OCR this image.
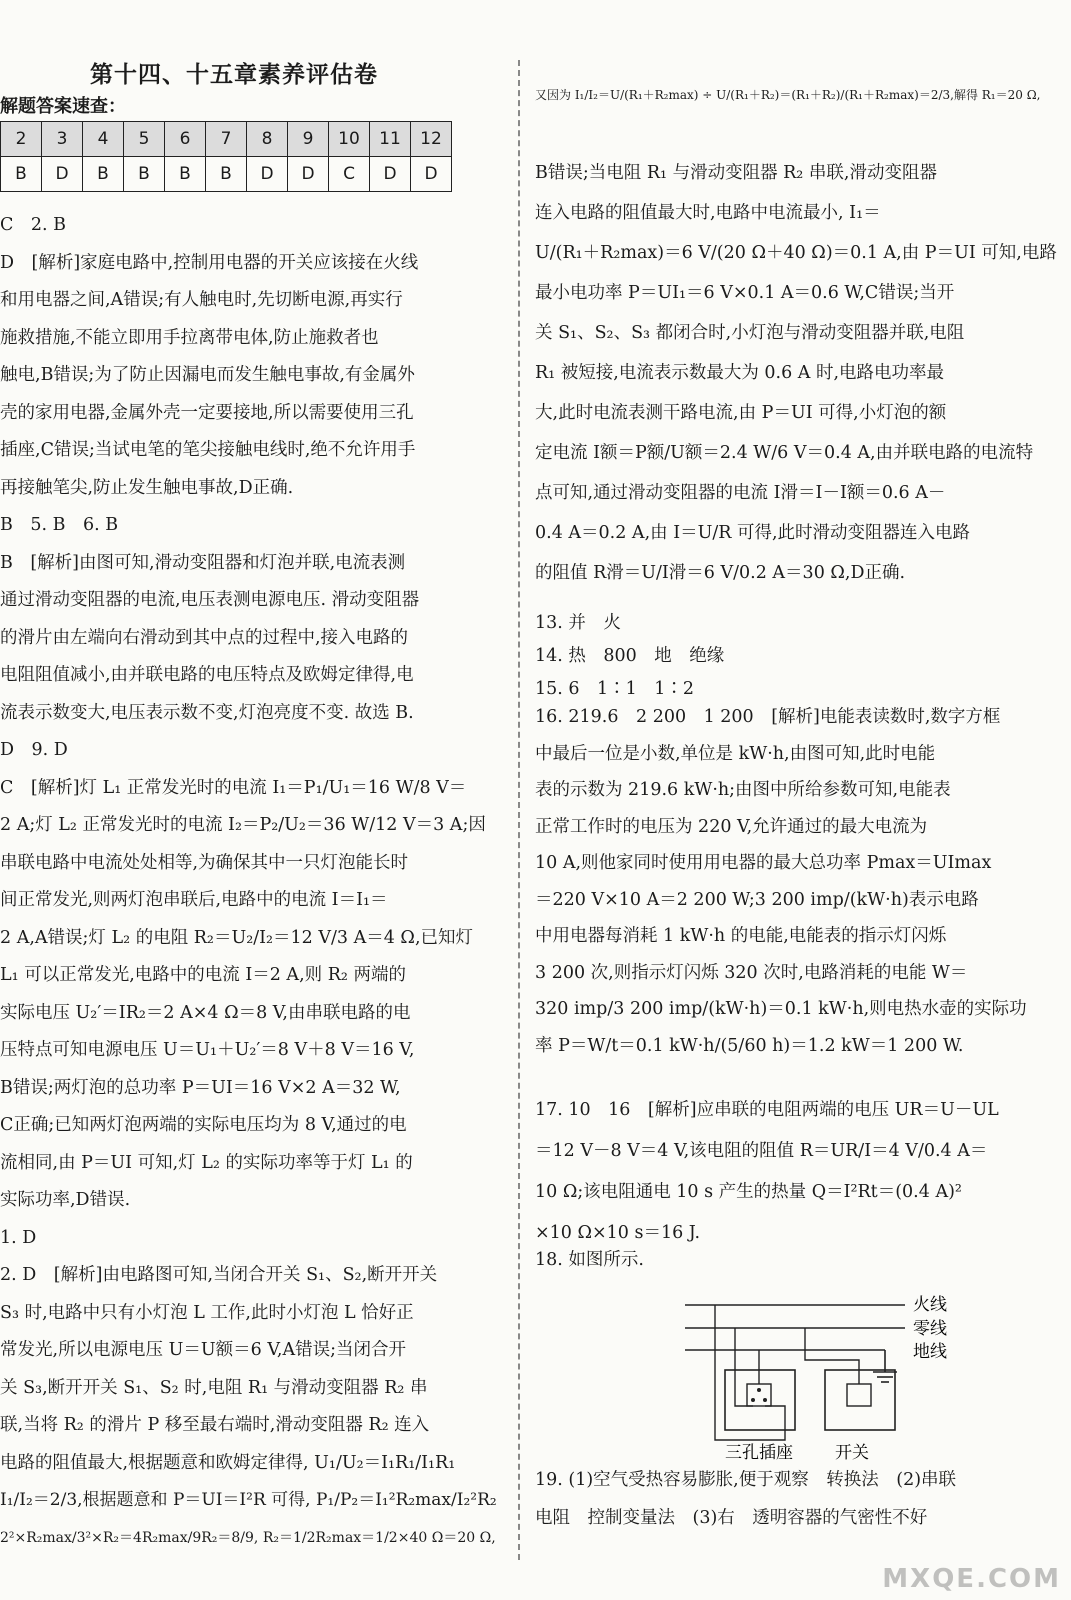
第十四、十五章素养评估卷
解题答案速查：
2	3	4	5	6	7	8	9	10	11	12
B	D	B	B	B	B	D	D	C	D	D
C　2. B
D　[解析]家庭电路中,控制用电器的开关应该接在火线
和用电器之间,A错误;有人触电时,先切断电源,再实行
施救措施,不能立即用手拉离带电体,防止施救者也
触电,B错误;为了防止因漏电而发生触电事故,有金属外
壳的家用电器,金属外壳一定要接地,所以需要使用三孔
插座,C错误;当试电笔的笔尖接触电线时,绝不允许用手
再接触笔尖,防止发生触电事故,D正确.
B　5. B　6. B
B　[解析]由图可知,滑动变阻器和灯泡并联,电流表测
通过滑动变阻器的电流,电压表测电源电压. 滑动变阻器
的滑片由左端向右滑动到其中点的过程中,接入电路的
电阻阻值减小,由并联电路的电压特点及欧姆定律得,电
流表示数变大,电压表示数不变,灯泡亮度不变. 故选 B.
D　9. D
C　[解析]灯 L₁ 正常发光时的电流 I₁＝P₁/U₁＝16 W/8 V＝
2 A;灯 L₂ 正常发光时的电流 I₂＝P₂/U₂＝36 W/12 V＝3 A;因
串联电路中电流处处相等,为确保其中一只灯泡能长时
间正常发光,则两灯泡串联后,电路中的电流 I＝I₁＝
2 A,A错误;灯 L₂ 的电阻 R₂＝U₂/I₂＝12 V/3 A＝4 Ω,已知灯
L₁ 可以正常发光,电路中的电流 I＝2 A,则 R₂ 两端的
实际电压 U₂′＝IR₂＝2 A×4 Ω＝8 V,由串联电路的电
压特点可知电源电压 U＝U₁＋U₂′＝8 V＋8 V＝16 V,
B错误;两灯泡的总功率 P＝UI＝16 V×2 A＝32 W,
C正确;已知两灯泡两端的实际电压均为 8 V,通过的电
流相同,由 P＝UI 可知,灯 L₂ 的实际功率等于灯 L₁ 的
实际功率,D错误.
1. D
2. D　[解析]由电路图可知,当闭合开关 S₁、S₂,断开开关
S₃ 时,电路中只有小灯泡 L 工作,此时小灯泡 L 恰好正
常发光,所以电源电压 U＝U额＝6 V,A错误;当闭合开
关 S₃,断开开关 S₁、S₂ 时,电阻 R₁ 与滑动变阻器 R₂ 串
联,当将 R₂ 的滑片 P 移至最右端时,滑动变阻器 R₂ 连入
电路的阻值最大,根据题意和欧姆定律得, U₁/U₂＝I₁R₁/I₁R₁
I₁/I₂＝2/3,根据题意和 P＝UI＝I²R 可得, P₁/P₂＝I₁²R₂max/I₂²R₂
2²×R₂max/3²×R₂＝4R₂max/9R₂＝8/9, R₂＝1/2R₂max＝1/2×40 Ω＝20 Ω,
又因为 I₁/I₂＝U/(R₁＋R₂max) ÷ U/(R₁＋R₂)＝(R₁＋R₂)/(R₁＋R₂max)＝2/3,解得 R₁＝20 Ω,
B错误;当电阻 R₁ 与滑动变阻器 R₂ 串联,滑动变阻器
连入电路的阻值最大时,电路中电流最小, I₁＝
U/(R₁＋R₂max)＝6 V/(20 Ω＋40 Ω)＝0.1 A,由 P＝UI 可知,电路
最小电功率 P＝UI₁＝6 V×0.1 A＝0.6 W,C错误;当开
关 S₁、S₂、S₃ 都闭合时,小灯泡与滑动变阻器并联,电阻
R₁ 被短接,电流表示数最大为 0.6 A 时,电路电功率最
大,此时电流表测干路电流,由 P＝UI 可得,小灯泡的额
定电流 I额＝P额/U额＝2.4 W/6 V＝0.4 A,由并联电路的电流特
点可知,通过滑动变阻器的电流 I滑＝I－I额＝0.6 A－
0.4 A＝0.2 A,由 I＝U/R 可得,此时滑动变阻器连入电路
的阻值 R滑＝U/I滑＝6 V/0.2 A＝30 Ω,D正确.
13. 并　火
14. 热　800　地　绝缘
15. 6　1∶1　1∶2
16. 219.6　2 200　1 200　[解析]电能表读数时,数字方框
中最后一位是小数,单位是 kW·h,由图可知,此时电能
表的示数为 219.6 kW·h;由图中所给参数可知,电能表
正常工作时的电压为 220 V,允许通过的最大电流为
10 A,则他家同时使用用电器的最大总功率 Pmax＝UImax
＝220 V×10 A＝2 200 W;3 200 imp/(kW·h)表示电路
中用电器每消耗 1 kW·h 的电能,电能表的指示灯闪烁
3 200 次,则指示灯闪烁 320 次时,电路消耗的电能 W＝
320 imp/3 200 imp/(kW·h)＝0.1 kW·h,则电热水壶的实际功
率 P＝W/t＝0.1 kW·h/(5/60 h)＝1.2 kW＝1 200 W.
17. 10　16　[解析]应串联的电阻两端的电压 UR＝U－UL
＝12 V－8 V＝4 V,该电阻的阻值 R＝UR/I＝4 V/0.4 A＝
10 Ω;该电阻通电 10 s 产生的热量 Q＝I²Rt＝(0.4 A)²
×10 Ω×10 s＝16 J.
18. 如图所示.
19. (1)空气受热容易膨胀,便于观察　转换法　(2)串联
电阻　控制变量法　(3)右　透明容器的气密性不好
火线
零线
地线
三孔插座 开关
MXQE.COM
